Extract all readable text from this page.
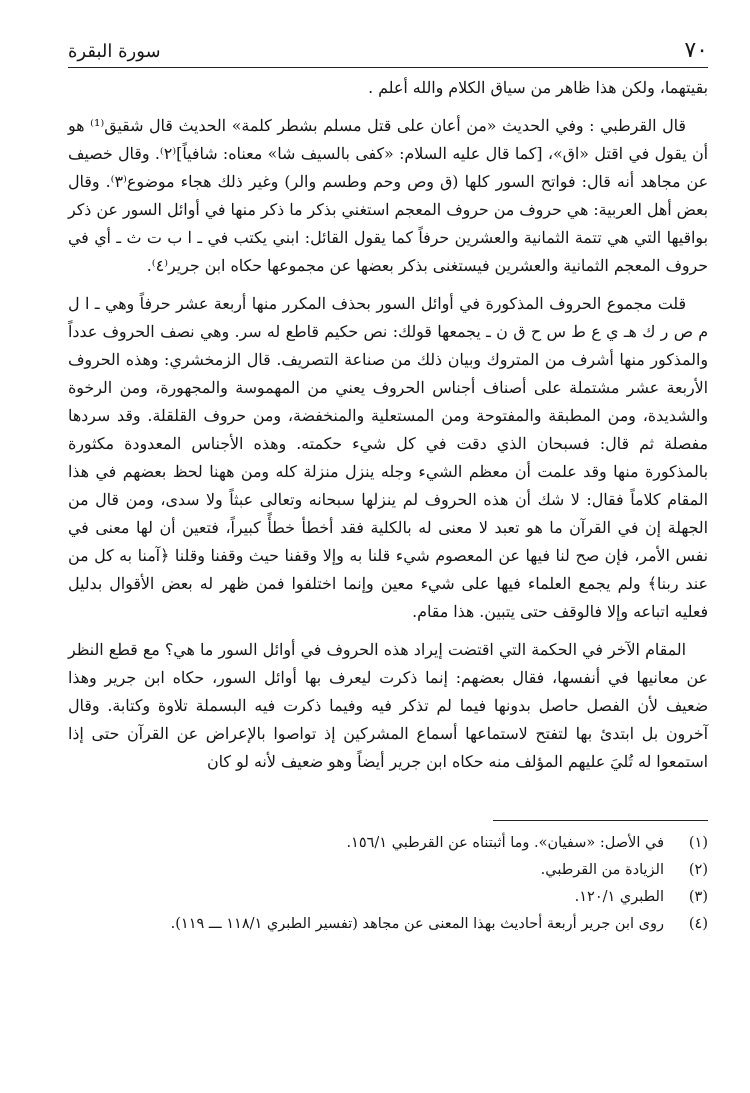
٧٠
سورة البقرة

بقيتهما، ولكن هذا ظاهر من سياق الكلام والله أعلم .

قال القرطبي : وفي الحديث «من أعان على قتل مسلم بشطر كلمة» الحديث قال شقيق⁽¹⁾ هو أن يقول في اقتل «اق»، [كما قال عليه السلام: «كفى بالسيف شا» معناه: شافياً]⁽٢⁾. وقال خصيف عن مجاهد أنه قال: فواتح السور كلها (ق وص وحم وطسم والر) وغير ذلك هجاء موضوع⁽٣⁾. وقال بعض أهل العربية: هي حروف من حروف المعجم استغني بذكر ما ذكر منها في أوائل السور عن ذكر بواقيها التي هي تتمة الثمانية والعشرين حرفاً كما يقول القائل: ابني يكتب في ـ ا ب ت ث ـ أي في حروف المعجم الثمانية والعشرين فيستغنى بذكر بعضها عن مجموعها حكاه ابن جرير⁽٤⁾.

قلت مجموع الحروف المذكورة في أوائل السور بحذف المكرر منها أربعة عشر حرفاً وهي ـ ا ل م ص ر ك هـ ي ع ط س ح ق ن ـ يجمعها قولك: نص حكيم قاطع له سر. وهي نصف الحروف عدداً والمذكور منها أشرف من المتروك وبيان ذلك من صناعة التصريف. قال الزمخشري: وهذه الحروف الأربعة عشر مشتملة على أصناف أجناس الحروف يعني من المهموسة والمجهورة، ومن الرخوة والشديدة، ومن المطبقة والمفتوحة ومن المستعلية والمنخفضة، ومن حروف القلقلة. وقد سردها مفصلة ثم قال: فسبحان الذي دقت في كل شيء حكمته. وهذه الأجناس المعدودة مكثورة بالمذكورة منها وقد علمت أن معظم الشيء وجله ينزل منزلة كله ومن ههنا لحظ بعضهم في هذا المقام كلاماً فقال: لا شك أن هذه الحروف لم ينزلها سبحانه وتعالى عبثاً ولا سدى، ومن قال من الجهلة إن في القرآن ما هو تعبد لا معنى له بالكلية فقد أخطأ خطأً كبيراً، فتعين أن لها معنى في نفس الأمر، فإن صح لنا فيها عن المعصوم شيء قلنا به وإلا وقفنا حيث وقفنا وقلنا ﴿آمنا به كل من عند ربنا﴾ ولم يجمع العلماء فيها على شيء معين وإنما اختلفوا فمن ظهر له بعض الأقوال بدليل فعليه اتباعه وإلا فالوقف حتى يتبين. هذا مقام.

المقام الآخر في الحكمة التي اقتضت إيراد هذه الحروف في أوائل السور ما هي؟ مع قطع النظر عن معانيها في أنفسها، فقال بعضهم: إنما ذكرت ليعرف بها أوائل السور، حكاه ابن جرير وهذا ضعيف لأن الفصل حاصل بدونها فيما لم تذكر فيه وفيما ذكرت فيه البسملة تلاوة وكتابة. وقال آخرون بل ابتدئ بها لتفتح لاستماعها أسماع المشركين إذ تواصوا بالإعراض عن القرآن حتى إذا استمعوا له تُليَ عليهم المؤلف منه حكاه ابن جرير أيضاً وهو ضعيف لأنه لو كان

(١)
في الأصل: «سفيان». وما أثبتناه عن القرطبي ١٥٦/١.
(٢)
الزيادة من القرطبي.
(٣)
الطبري ١٢٠/١.
(٤)
روى ابن جرير أربعة أحاديث بهذا المعنى عن مجاهد (تفسير الطبري ١١٨/١ ـــ ١١٩).
